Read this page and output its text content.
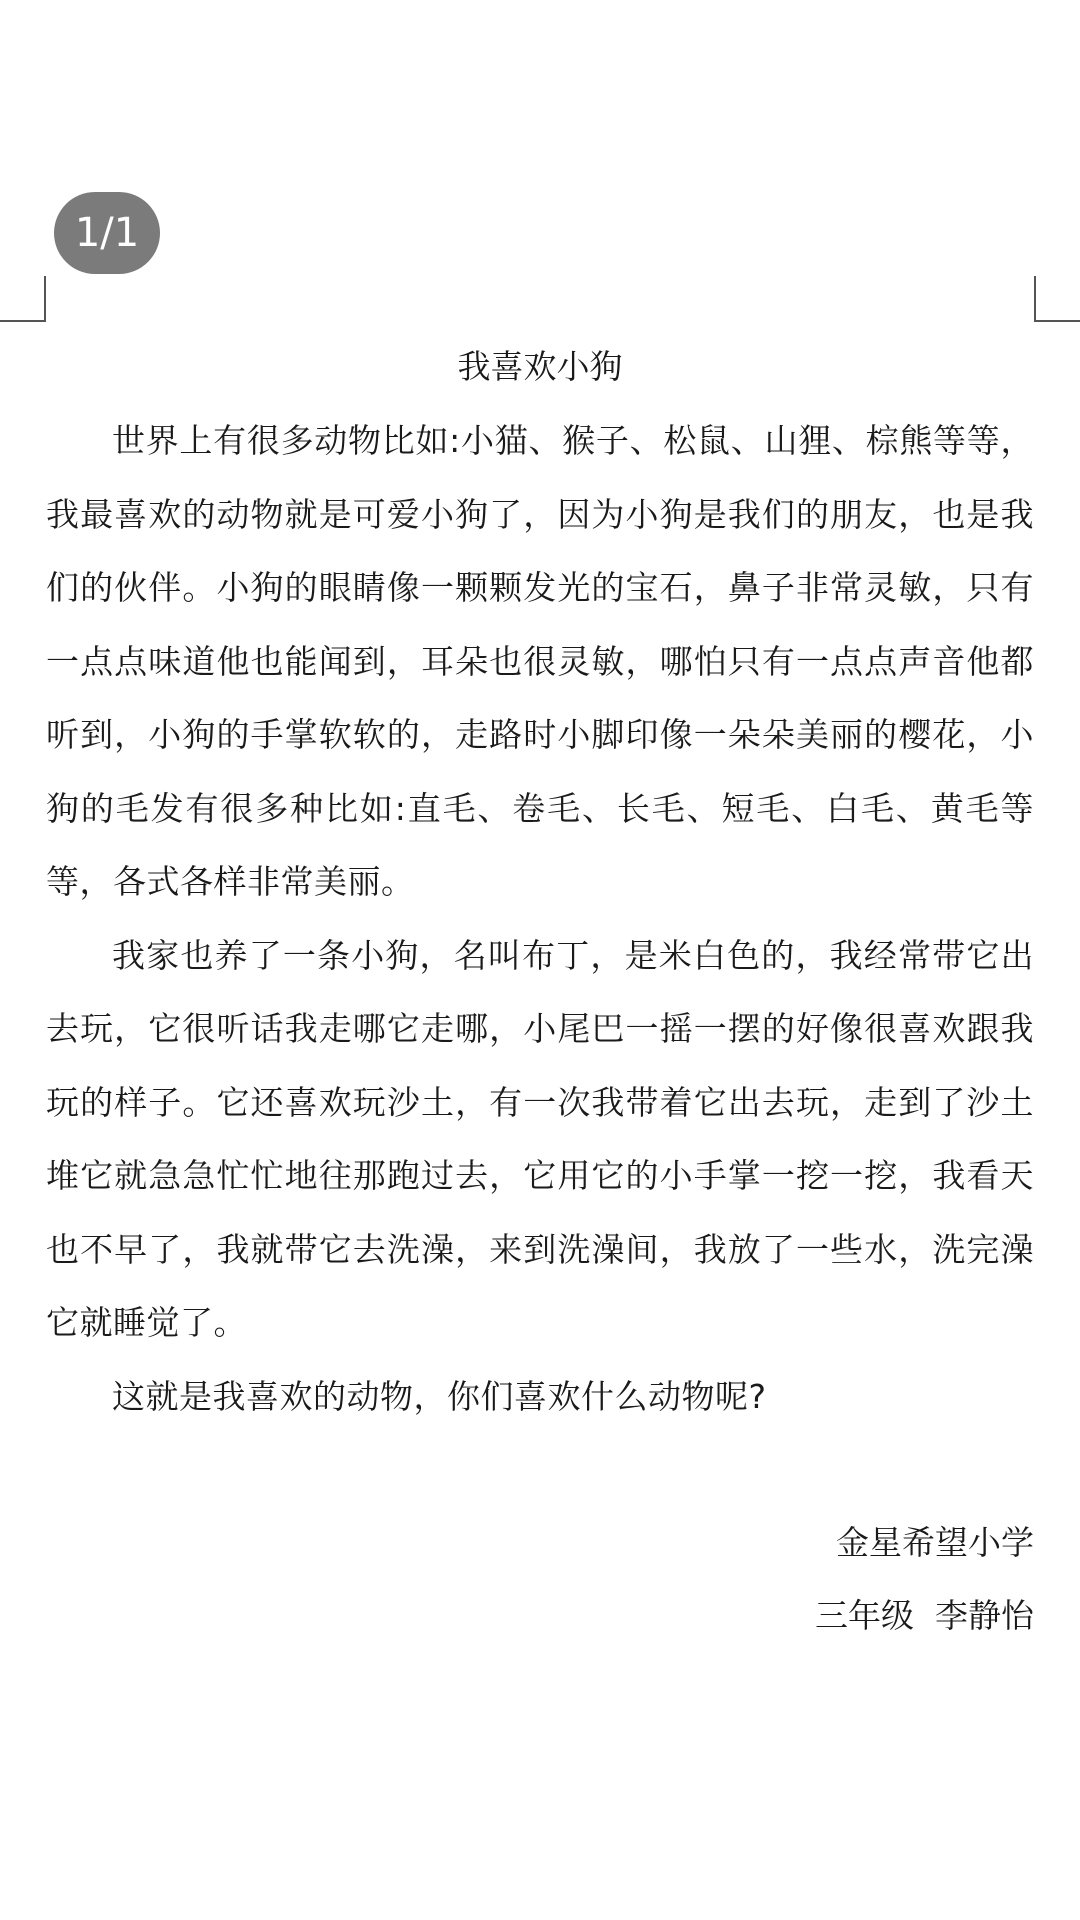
1/1
我喜欢小狗

世界上有很多动物比如:小猫、猴子、松鼠、山狸、棕熊等等，我最喜欢的动物就是可爱小狗了，因为小狗是我们的朋友，也是我们的伙伴。小狗的眼睛像一颗颗发光的宝石，鼻子非常灵敏，只有一点点味道他也能闻到，耳朵也很灵敏，哪怕只有一点点声音他都听到，小狗的手掌软软的，走路时小脚印像一朵朵美丽的樱花，小狗的毛发有很多种比如:直毛、卷毛、长毛、短毛、白毛、黄毛等等，各式各样非常美丽。

我家也养了一条小狗，名叫布丁，是米白色的，我经常带它出去玩，它很听话我走哪它走哪，小尾巴一摇一摆的好像很喜欢跟我玩的样子。它还喜欢玩沙土，有一次我带着它出去玩，走到了沙土堆它就急急忙忙地往那跑过去，它用它的小手掌一挖一挖，我看天也不早了，我就带它去洗澡，来到洗澡间，我放了一些水，洗完澡它就睡觉了。

这就是我喜欢的动物，你们喜欢什么动物呢?

金星希望小学

三年级  李静怡
